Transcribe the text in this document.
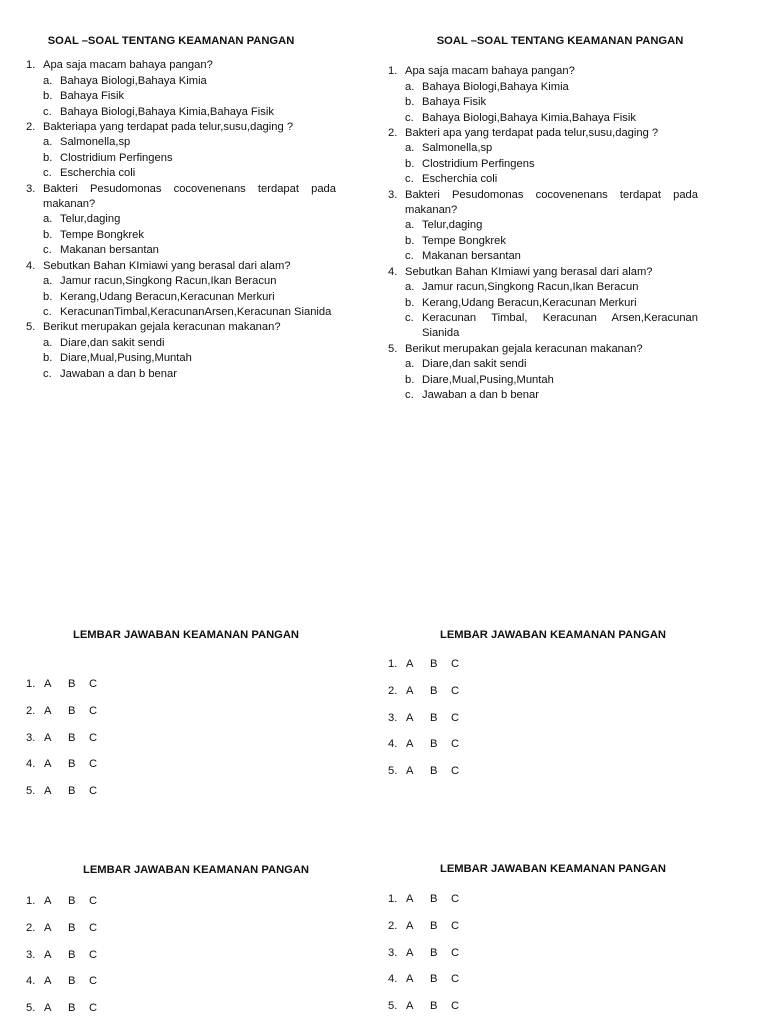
SOAL –SOAL TENTANG KEAMANAN PANGAN

1. Apa saja macam bahaya pangan?
a. Bahaya Biologi,Bahaya Kimia
b. Bahaya Fisik
c. Bahaya Biologi,Bahaya Kimia,Bahaya Fisik
2. Bakteriapa yang terdapat pada telur,susu,daging ?
a. Salmonella,sp
b. Clostridium Perfingens
c. Escherchia coli
3. Bakteri Pesudomonas cocovenenans terdapat pada makanan?
a. Telur,daging
b. Tempe Bongkrek
c. Makanan bersantan
4. Sebutkan Bahan KImiawi yang berasal dari alam?
a. Jamur racun,Singkong Racun,Ikan Beracun
b. Kerang,Udang Beracun,Keracunan Merkuri
c. KeracunanTimbal,KeracunanArsen,Keracunan Sianida
5. Berikut merupakan gejala keracunan makanan?
a. Diare,dan sakit sendi
b. Diare,Mual,Pusing,Muntah
c. Jawaban a dan b benar

SOAL –SOAL TENTANG KEAMANAN PANGAN

1. Apa saja macam bahaya pangan?
a. Bahaya Biologi,Bahaya Kimia
b. Bahaya Fisik
c. Bahaya Biologi,Bahaya Kimia,Bahaya Fisik
2. Bakteri apa yang terdapat pada telur,susu,daging ?
a. Salmonella,sp
b. Clostridium Perfingens
c. Escherchia coli
3. Bakteri Pesudomonas cocovenenans terdapat pada makanan?
a. Telur,daging
b. Tempe Bongkrek
c. Makanan bersantan
4. Sebutkan Bahan KImiawi yang berasal dari alam?
a. Jamur racun,Singkong Racun,Ikan Beracun
b. Kerang,Udang Beracun,Keracunan Merkuri
c. Keracunan Timbal, Keracunan Arsen,Keracunan Sianida
5. Berikut merupakan gejala keracunan makanan?
a. Diare,dan sakit sendi
b. Diare,Mual,Pusing,Muntah
c. Jawaban a dan b benar

LEMBAR JAWABAN KEAMANAN PANGAN

1. A B C
2. A B C
3. A B C
4. A B C
5. A B C

LEMBAR JAWABAN KEAMANAN PANGAN

1. A B C
2. A B C
3. A B C
4. A B C
5. A B C

LEMBAR JAWABAN KEAMANAN PANGAN

1. A B C
2. A B C
3. A B C
4. A B C
5. A B C

LEMBAR JAWABAN KEAMANAN PANGAN

1. A B C
2. A B C
3. A B C
4. A B C
5. A B C
